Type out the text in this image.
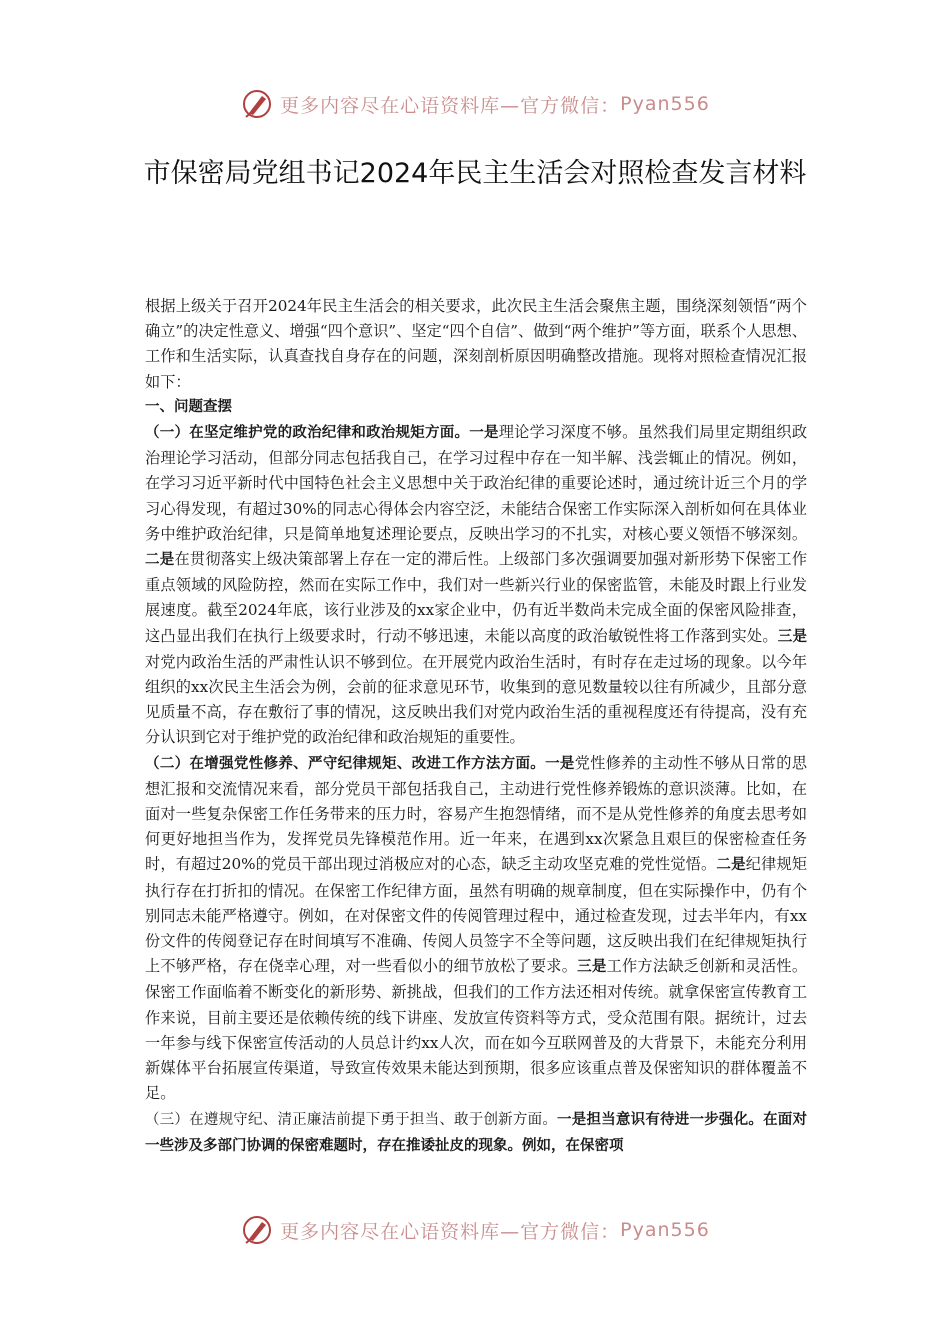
更多内容尽在心语资料库—官方微信： Pyan556
市保密局党组书记2024年民主生活会对照检查发言材料

根据上级关于召开2024年民主生活会的相关要求，此次民主生活会聚焦主题，围绕深刻领悟“两个确立”的决定性意义、增强“四个意识”、坚定“四个自信”、做到“两个维护”等方面，联系个人思想、工作和生活实际，认真查找自身存在的问题，深刻剖析原因明确整改措施。现将对照检查情况汇报如下：

一、问题查摆

（一）在坚定维护党的政治纪律和政治规矩方面。一是理论学习深度不够。虽然我们局里定期组织政治理论学习活动，但部分同志包括我自己，在学习过程中存在一知半解、浅尝辄止的情况。例如，在学习习近平新时代中国特色社会主义思想中关于政治纪律的重要论述时，通过统计近三个月的学习心得发现，有超过30%的同志心得体会内容空泛，未能结合保密工作实际深入剖析如何在具体业务中维护政治纪律，只是简单地复述理论要点，反映出学习的不扎实，对核心要义领悟不够深刻。二是在贯彻落实上级决策部署上存在一定的滞后性。上级部门多次强调要加强对新形势下保密工作重点领域的风险防控，然而在实际工作中，我们对一些新兴行业的保密监管，未能及时跟上行业发展速度。截至2024年底，该行业涉及的xx家企业中，仍有近半数尚未完成全面的保密风险排查，这凸显出我们在执行上级要求时，行动不够迅速，未能以高度的政治敏锐性将工作落到实处。三是对党内政治生活的严肃性认识不够到位。在开展党内政治生活时，有时存在走过场的现象。以今年组织的xx次民主生活会为例，会前的征求意见环节，收集到的意见数量较以往有所减少，且部分意见质量不高，存在敷衍了事的情况，这反映出我们对党内政治生活的重视程度还有待提高，没有充分认识到它对于维护党的政治纪律和政治规矩的重要性。

（二）在增强党性修养、严守纪律规矩、改进工作方法方面。一是党性修养的主动性不够从日常的思想汇报和交流情况来看，部分党员干部包括我自己，主动进行党性修养锻炼的意识淡薄。比如，在面对一些复杂保密工作任务带来的压力时，容易产生抱怨情绪，而不是从党性修养的角度去思考如何更好地担当作为，发挥党员先锋模范作用。近一年来，在遇到xx次紧急且艰巨的保密检查任务时，有超过20%的党员干部出现过消极应对的心态，缺乏主动攻坚克难的党性觉悟。二是纪律规矩执行存在打折扣的情况。在保密工作纪律方面，虽然有明确的规章制度，但在实际操作中，仍有个别同志未能严格遵守。例如，在对保密文件的传阅管理过程中，通过检查发现，过去半年内，有xx份文件的传阅登记存在时间填写不准确、传阅人员签字不全等问题，这反映出我们在纪律规矩执行上不够严格，存在侥幸心理，对一些看似小的细节放松了要求。三是工作方法缺乏创新和灵活性。保密工作面临着不断变化的新形势、新挑战，但我们的工作方法还相对传统。就拿保密宣传教育工作来说，目前主要还是依赖传统的线下讲座、发放宣传资料等方式，受众范围有限。据统计，过去一年参与线下保密宣传活动的人员总计约xx人次，而在如今互联网普及的大背景下，未能充分利用新媒体平台拓展宣传渠道，导致宣传效果未能达到预期，很多应该重点普及保密知识的群体覆盖不足。

（三）在遵规守纪、清正廉洁前提下勇于担当、敢于创新方面。一是担当意识有待进一步强化。在面对一些涉及多部门协调的保密难题时，存在推诿扯皮的现象。例如，在保密项

更多内容尽在心语资料库—官方微信： Pyan556
